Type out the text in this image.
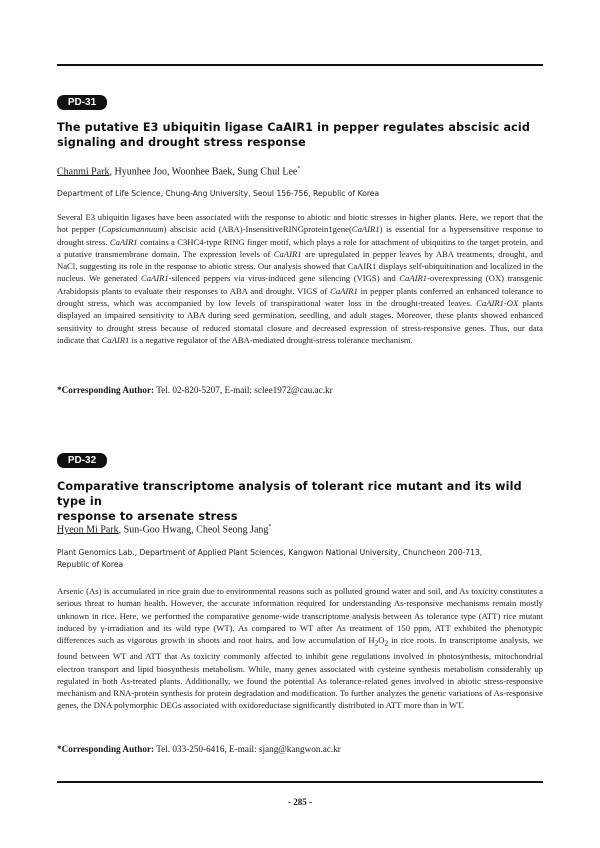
PD-31
The putative E3 ubiquitin ligase CaAIR1 in pepper regulates abscisic acid
signaling and drought stress response
Chanmi Park, Hyunhee Joo, Woonhee Baek, Sung Chul Lee*
Department of Life Science, Chung-Ang University, Seoul 156-756, Republic of Korea
Several E3 ubiquitin ligases have been associated with the response to abiotic and biotic stresses in higher plants. Here, we report that the hot pepper (Capsicumannuum) abscisic acid (ABA)-InsensitiveRINGprotein1gene(CaAIR1) is essential for a hypersensitive response to drought stress. CaAIR1 contains a C3HC4-type RING finger motif, which plays a role for attachment of ubiquitins to the target protein, and a putative transmembrane domain. The expression levels of CaAIR1 are upregulated in pepper leaves by ABA treatments, drought, and NaCl, suggesting its role in the response to abiotic stress. Our analysis showed that CaAIR1 displays self-ubiquitination and localized in the nucleus. We generated CaAIR1-silenced peppers via virus-induced gene silencing (VIGS) and CaAIR1-overexpressing (OX) transgenic Arabidopsis plants to evaluate their responses to ABA and drought. VIGS of CaAIR1 in pepper plants conferred an enhanced tolerance to drought stress, which was accompanied by low levels of transpirational water loss in the drought-treated leaves. CaAIR1-OX plants displayed an impaired sensitivity to ABA during seed germination, seedling, and adult stages. Moreover, these plants showed enhanced sensitivity to drought stress because of reduced stomatal closure and decreased expression of stress-responsive genes. Thus, our data indicate that CaAIR1 is a negative regulator of the ABA-mediated drought-stress tolerance mechanism.
*Corresponding Author: Tel. 02-820-5207, E-mail: sclee1972@cau.ac.kr
PD-32
Comparative transcriptome analysis of tolerant rice mutant and its wild type in
response to arsenate stress
Hyeon Mi Park, Sun-Goo Hwang, Cheol Seong Jang*
Plant Genomics Lab., Department of Applied Plant Sciences, Kangwon National University, Chuncheon 200-713,
Republic of Korea
Arsenic (As) is accumulated in rice grain due to environmental reasons such as polluted ground water and soil, and As toxicity constitutes a serious threat to human health. However, the accurate information required for understanding As-responsive mechanisms remain mostly unknown in rice. Here, we performed the comparative genome-wide transcriptome analysis between As tolerance type (ATT) rice mutant induced by γ-irradiation and its wild type (WT). As compared to WT after As treatment of 150 ppm, ATT exhibited the phenotypic differences such as vigorous growth in shoots and root hairs, and low accumulation of $H_2O_2$ in rice roots. In transcriptome analysis, we found between WT and ATT that As toxicity commonly affected to inhibit gene regulations involved in photosynthesis, mitochondrial electron transport and lipid biosynthesis metabolism. While, many genes associated with cysteine synthesis metabolism considerably up regulated in both As-treated plants. Additionally, we found the potential As tolerance-related genes involved in abiotic stress-responsive mechanism and RNA-protein synthesis for protein degradation and modification. To further analyzes the genetic variations of As-responsive genes, the DNA polymorphic DEGs associated with oxidoreductase significantly distributed in ATT more than in WT.
*Corresponding Author: Tel. 033-250-6416, E-mail: sjang@kangwon.ac.kr
- 285 -
